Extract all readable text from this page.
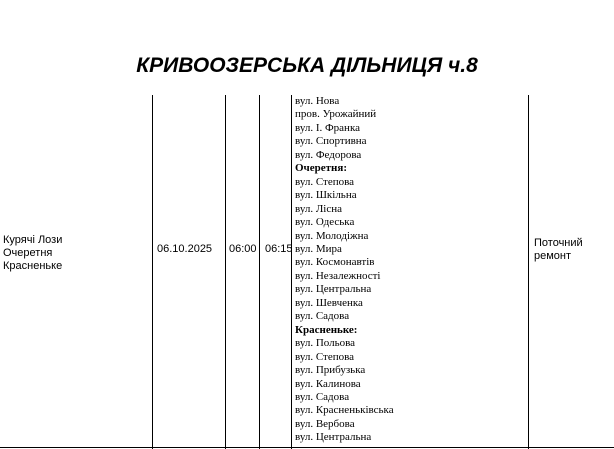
КРИВООЗЕРСЬКА ДІЛЬНИЦЯ ч.8
Курячі Лози
Очеретня
Красненьке
06.10.2025 06:00 06:15
вул. Нова
пров. Урожайний
вул. І. Франка
вул. Спортивна
вул. Федорова
Очеретня:
вул. Степова
вул. Шкільна
вул. Лісна
вул. Одеська
вул. Молодіжна
вул. Мира
вул. Космонавтів
вул. Незалежності
вул. Центральна
вул. Шевченка
вул. Садова
Красненьке:
вул. Польова
вул. Степова
вул. Прибузька
вул. Калинова
вул. Садова
вул. Красненьківська
вул. Вербова
вул. Центральна
Поточний
ремонт
